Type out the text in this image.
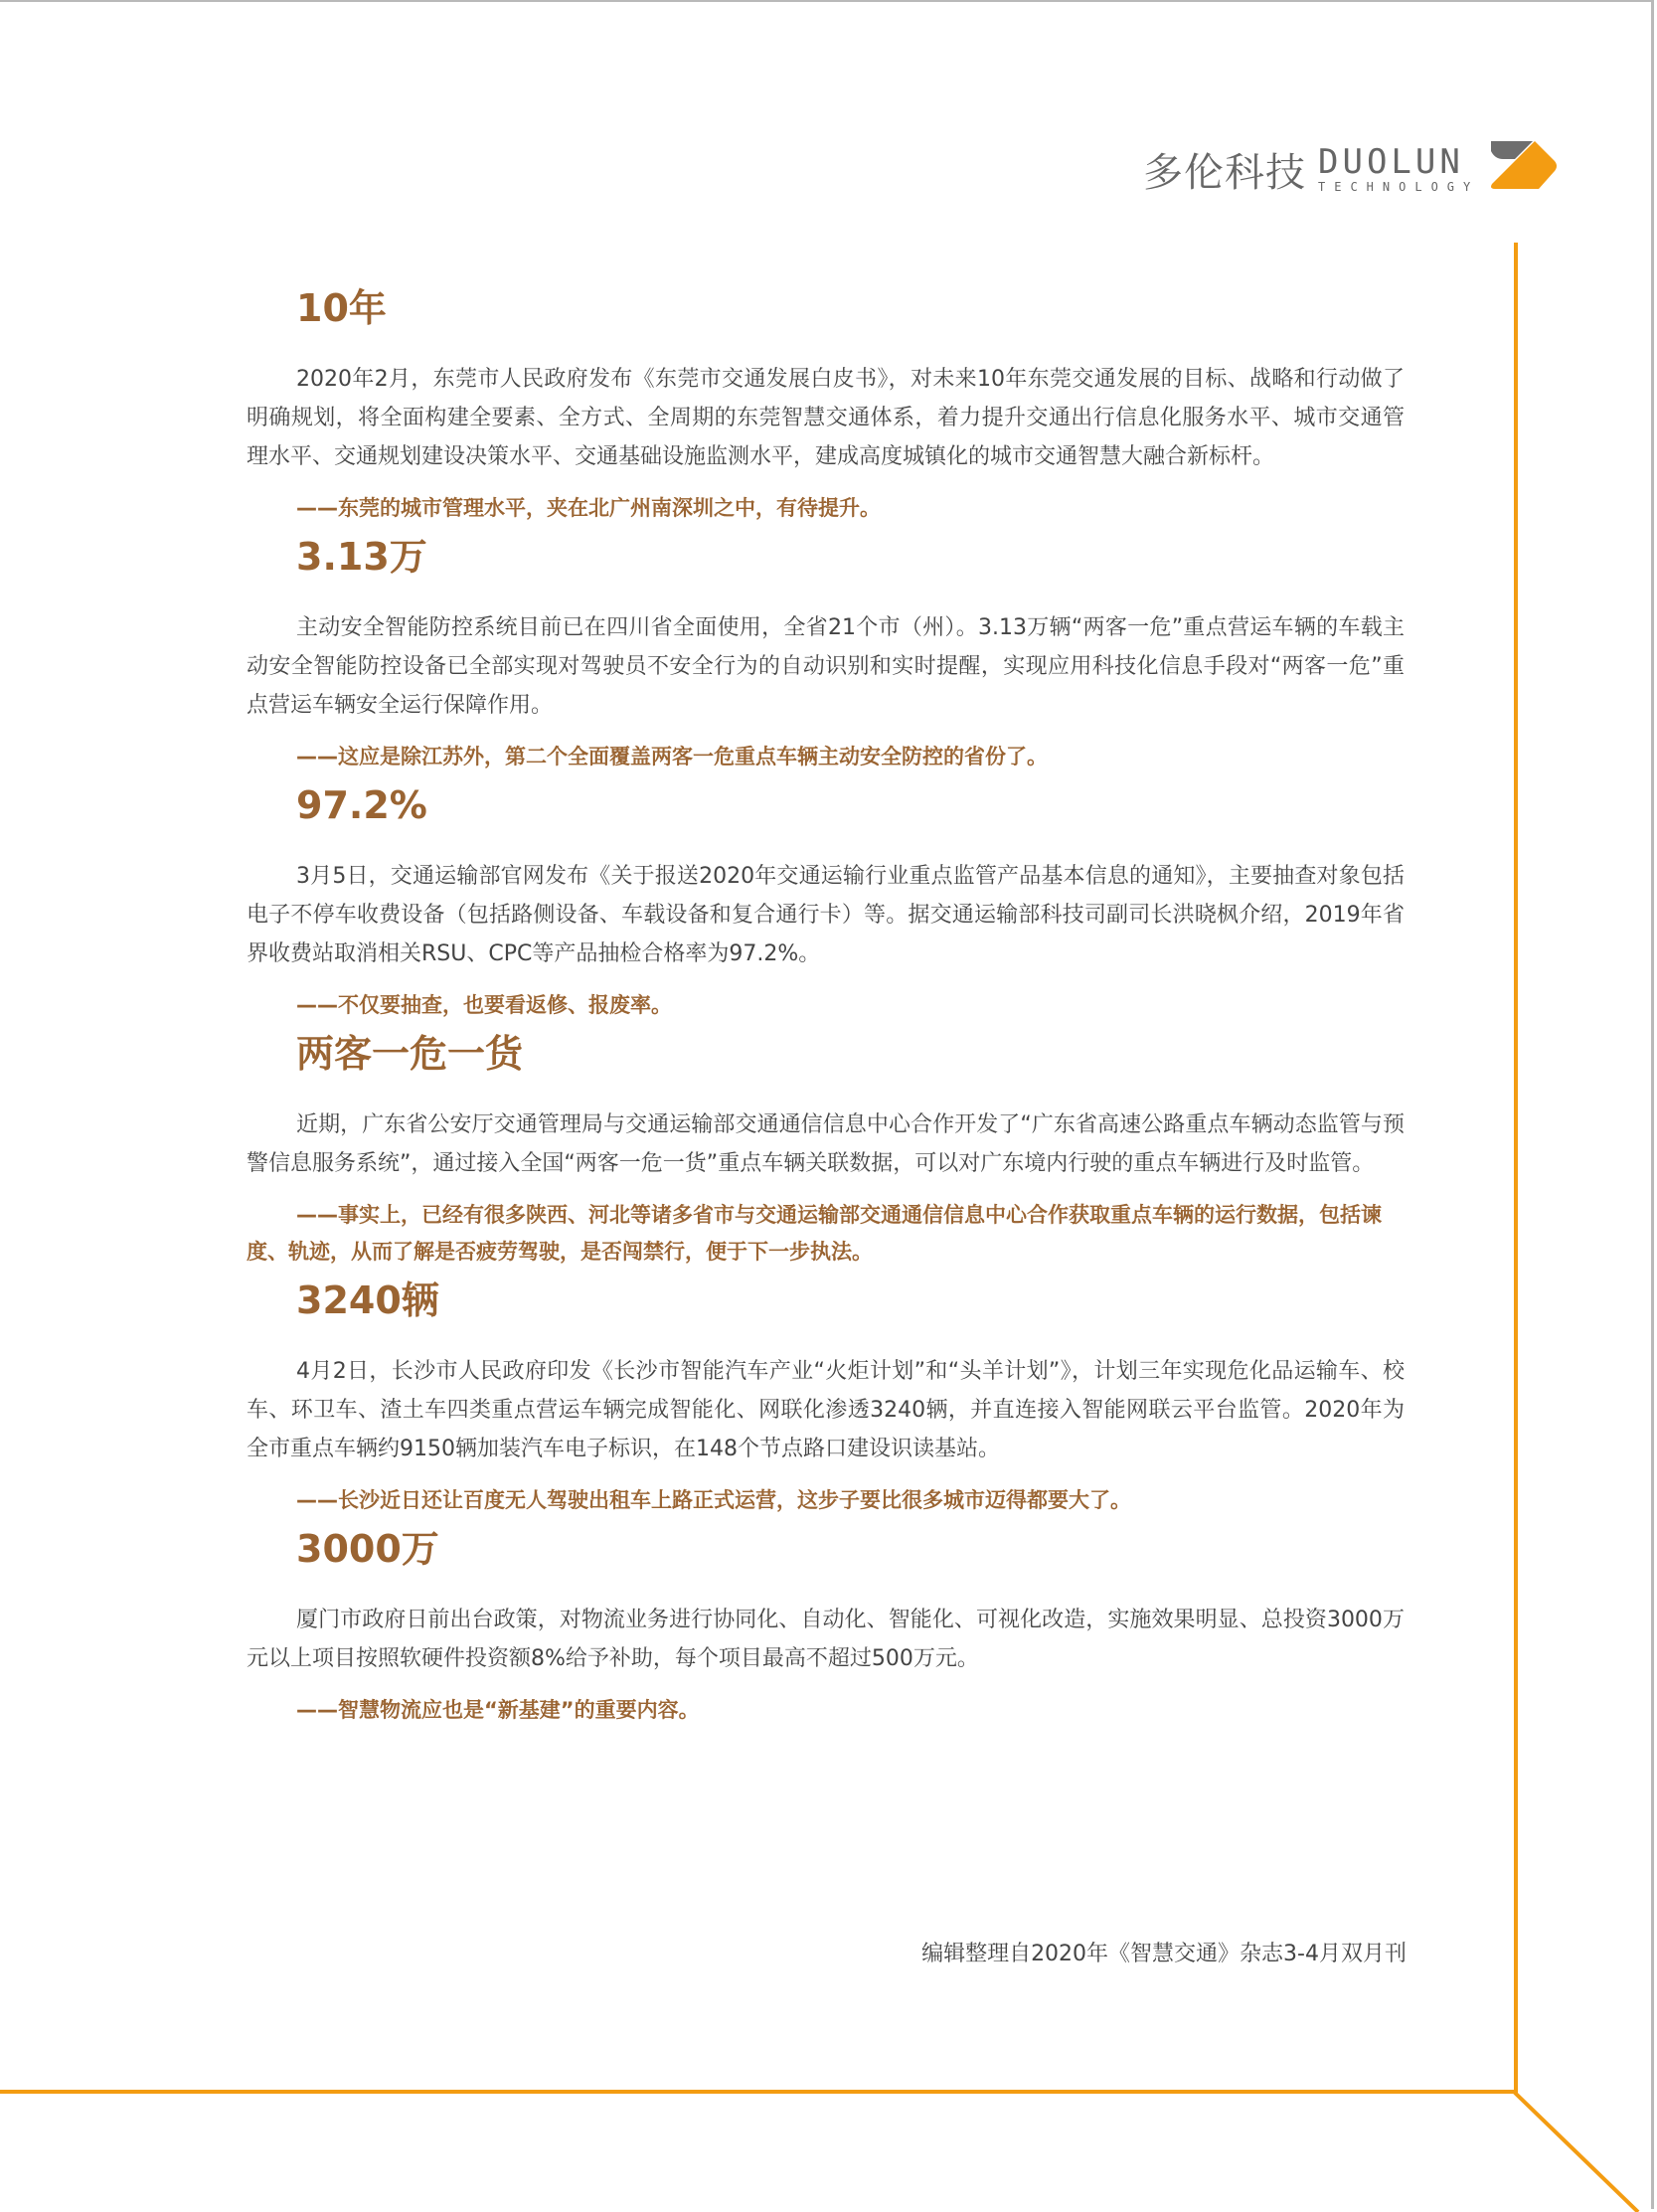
多伦科技 DUOLUN
TECHNOLOGY
10年

2020年2月，东莞市人民政府发布《东莞市交通发展白皮书》，对未来10年东莞交通发展的目标、战略和行动做了明确规划，将全面构建全要素、全方式、全周期的东莞智慧交通体系，着力提升交通出行信息化服务水平、城市交通管理水平、交通规划建设决策水平、交通基础设施监测水平，建成高度城镇化的城市交通智慧大融合新标杆。

——东莞的城市管理水平，夹在北广州南深圳之中，有待提升。

3.13万

主动安全智能防控系统目前已在四川省全面使用，全省21个市（州）。3.13万辆“两客一危”重点营运车辆的车载主动安全智能防控设备已全部实现对驾驶员不安全行为的自动识别和实时提醒，实现应用科技化信息手段对“两客一危”重点营运车辆安全运行保障作用。

——这应是除江苏外，第二个全面覆盖两客一危重点车辆主动安全防控的省份了。

97.2%

3月5日，交通运输部官网发布《关于报送2020年交通运输行业重点监管产品基本信息的通知》，主要抽查对象包括电子不停车收费设备（包括路侧设备、车载设备和复合通行卡）等。据交通运输部科技司副司长洪晓枫介绍，2019年省界收费站取消相关RSU、CPC等产品抽检合格率为97.2%。

——不仅要抽查，也要看返修、报废率。

两客一危一货

近期，广东省公安厅交通管理局与交通运输部交通通信信息中心合作开发了“广东省高速公路重点车辆动态监管与预警信息服务系统”，通过接入全国“两客一危一货”重点车辆关联数据，可以对广东境内行驶的重点车辆进行及时监管。

——事实上，已经有很多陕西、河北等诸多省市与交通运输部交通通信信息中心合作获取重点车辆的运行数据，包括谏度、轨迹，从而了解是否疲劳驾驶，是否闯禁行，便于下一步执法。

3240辆

4月2日，长沙市人民政府印发《长沙市智能汽车产业“火炬计划”和“头羊计划”》，计划三年实现危化品运输车、校车、环卫车、渣土车四类重点营运车辆完成智能化、网联化渗透3240辆，并直连接入智能网联云平台监管。2020年为全市重点车辆约9150辆加装汽车电子标识，在148个节点路口建设识读基站。

——长沙近日还让百度无人驾驶出租车上路正式运营，这步子要比很多城市迈得都要大了。

3000万

厦门市政府日前出台政策，对物流业务进行协同化、自动化、智能化、可视化改造，实施效果明显、总投资3000万元以上项目按照软硬件投资额8%给予补助，每个项目最高不超过500万元。

——智慧物流应也是“新基建”的重要内容。

编辑整理自2020年《智慧交通》杂志3-4月双月刊
